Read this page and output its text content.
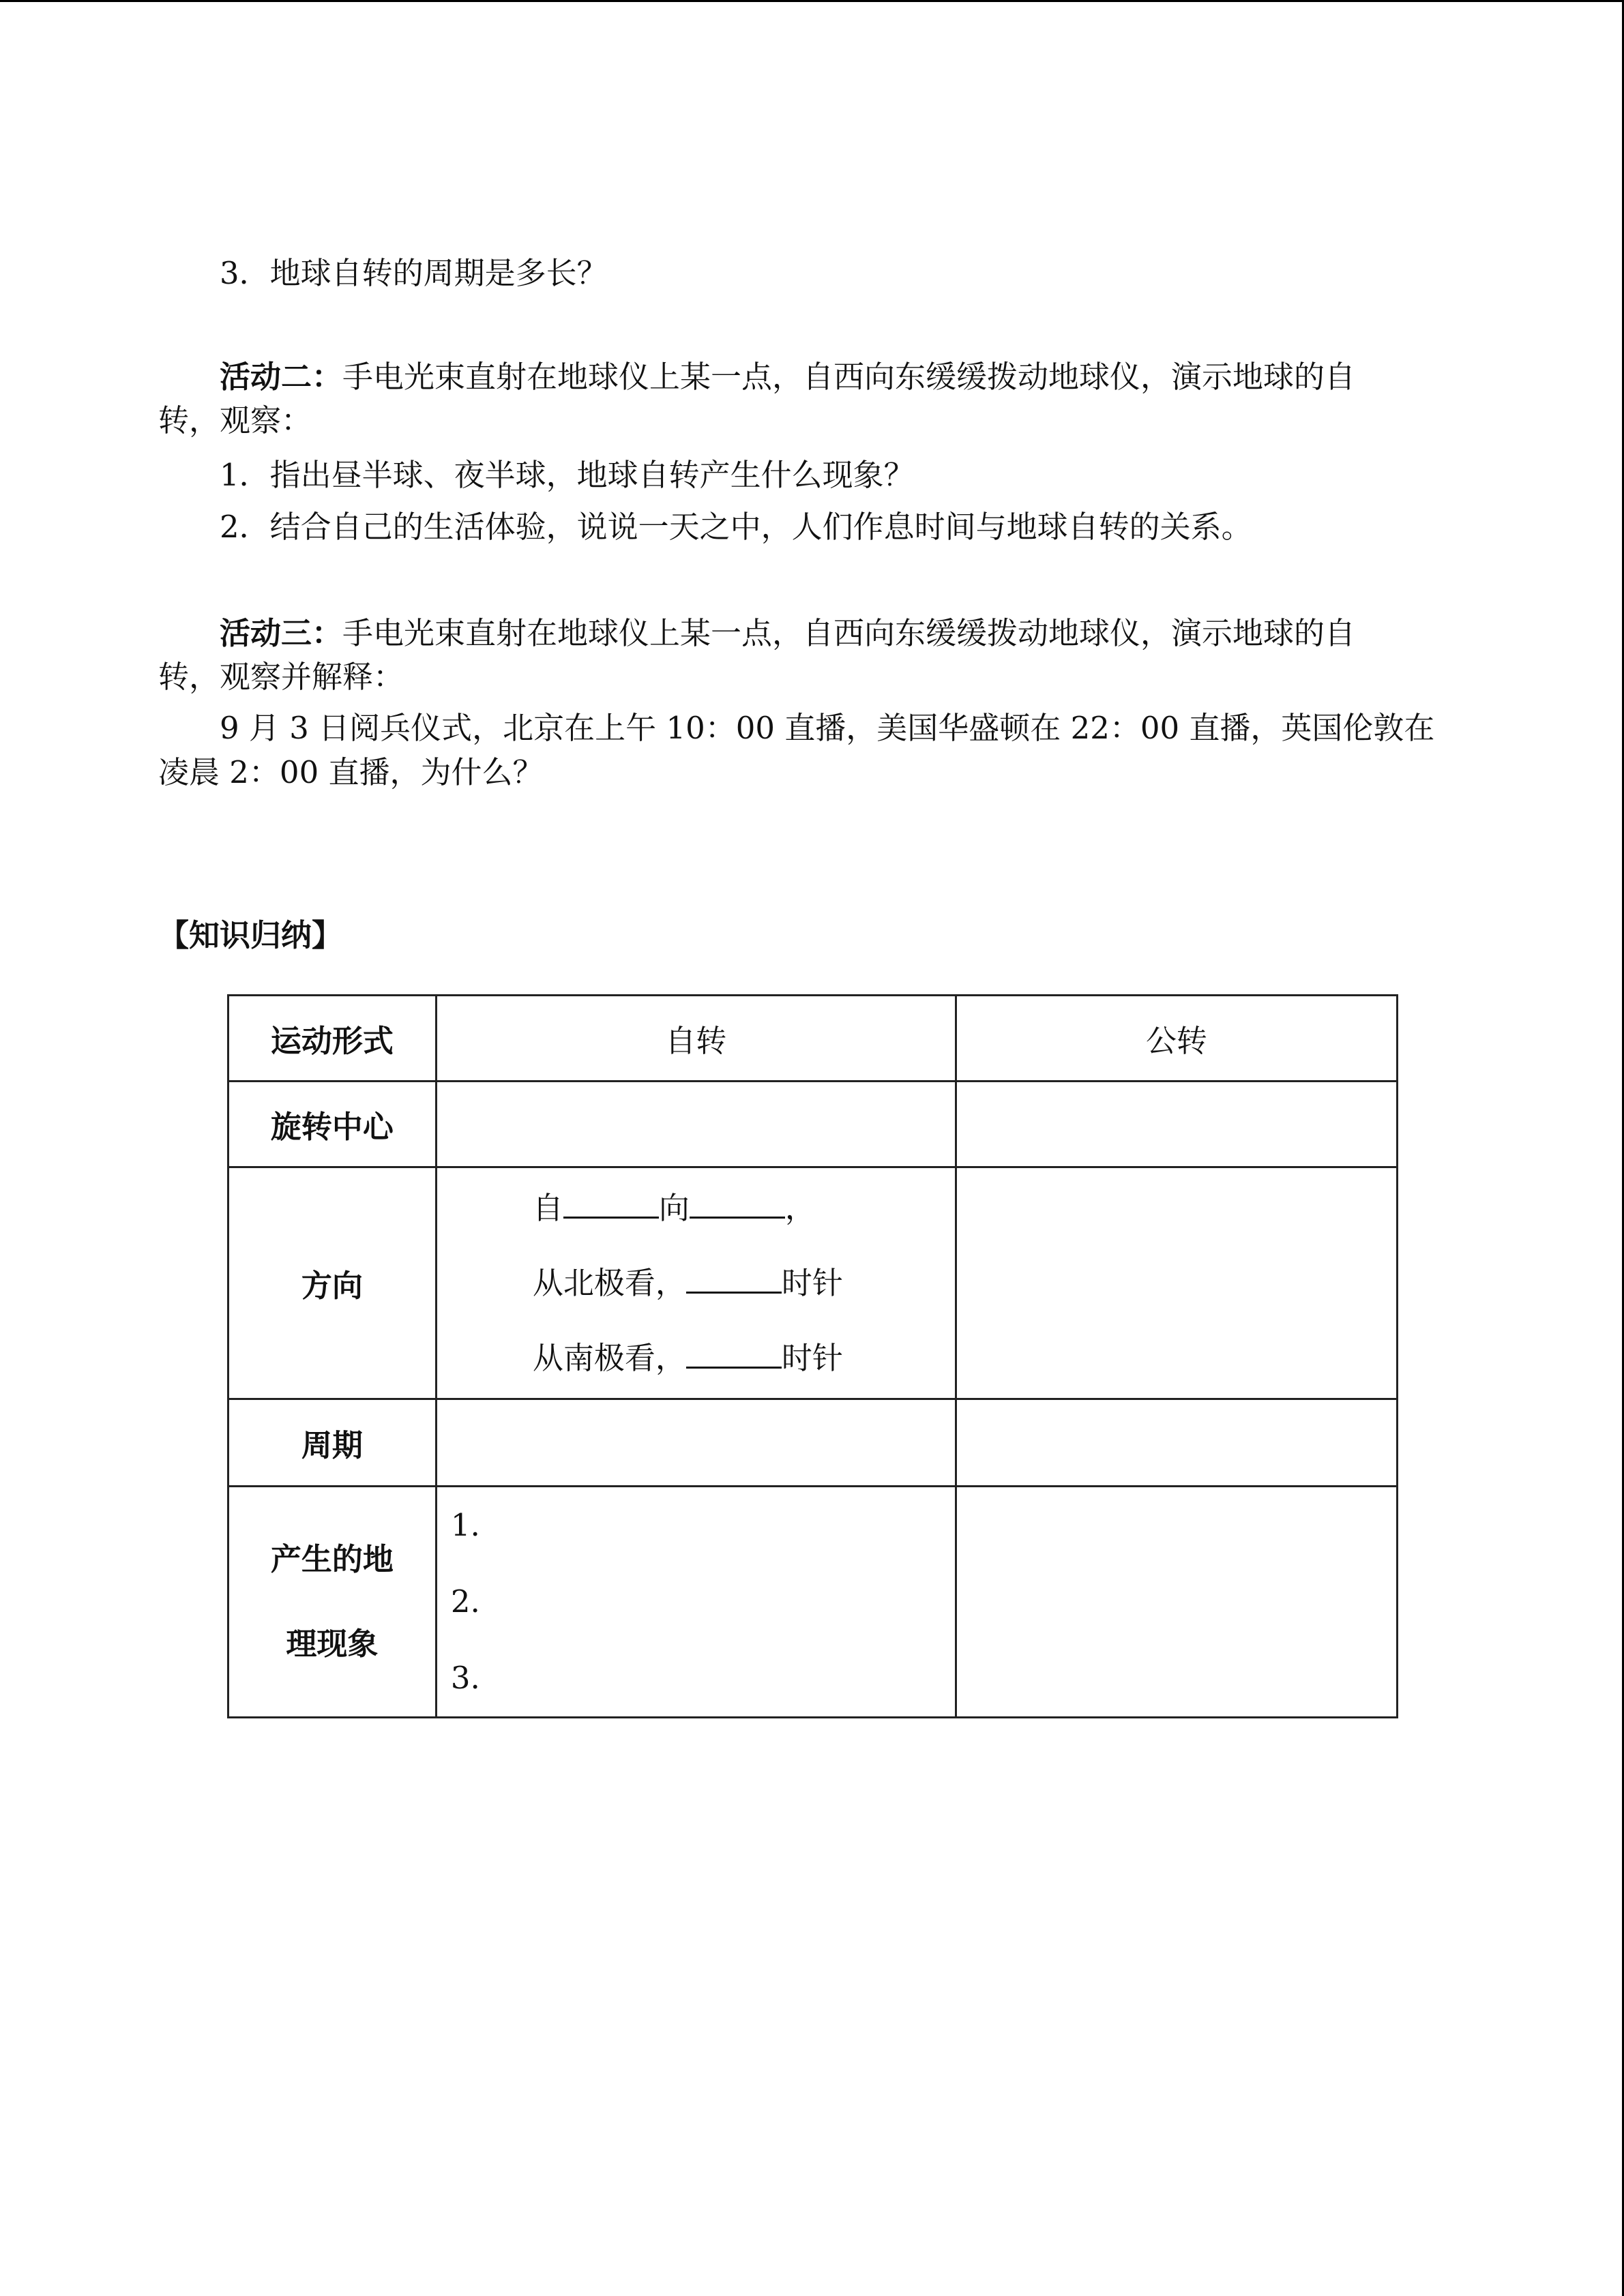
3．地球自转的周期是多长？

活动二：手电光束直射在地球仪上某一点，自西向东缓缓拨动地球仪，演示地球的自

转，观察：

1．指出昼半球、夜半球，地球自转产生什么现象？

2．结合自己的生活体验，说说一天之中，人们作息时间与地球自转的关系。

活动三：手电光束直射在地球仪上某一点，自西向东缓缓拨动地球仪，演示地球的自

转，观察并解释：

9 月 3 日阅兵仪式，北京在上午 10：00 直播，美国华盛顿在 22：00 直播，英国伦敦在

凌晨 2：00 直播，为什么？

【知识归纳】

运动形式	自转	公转
旋转中心		
方向	自 向 ，
从北极看， 时针
从南极看， 时针	

周期		
产生的地
理现象	1.
2.
3.	
